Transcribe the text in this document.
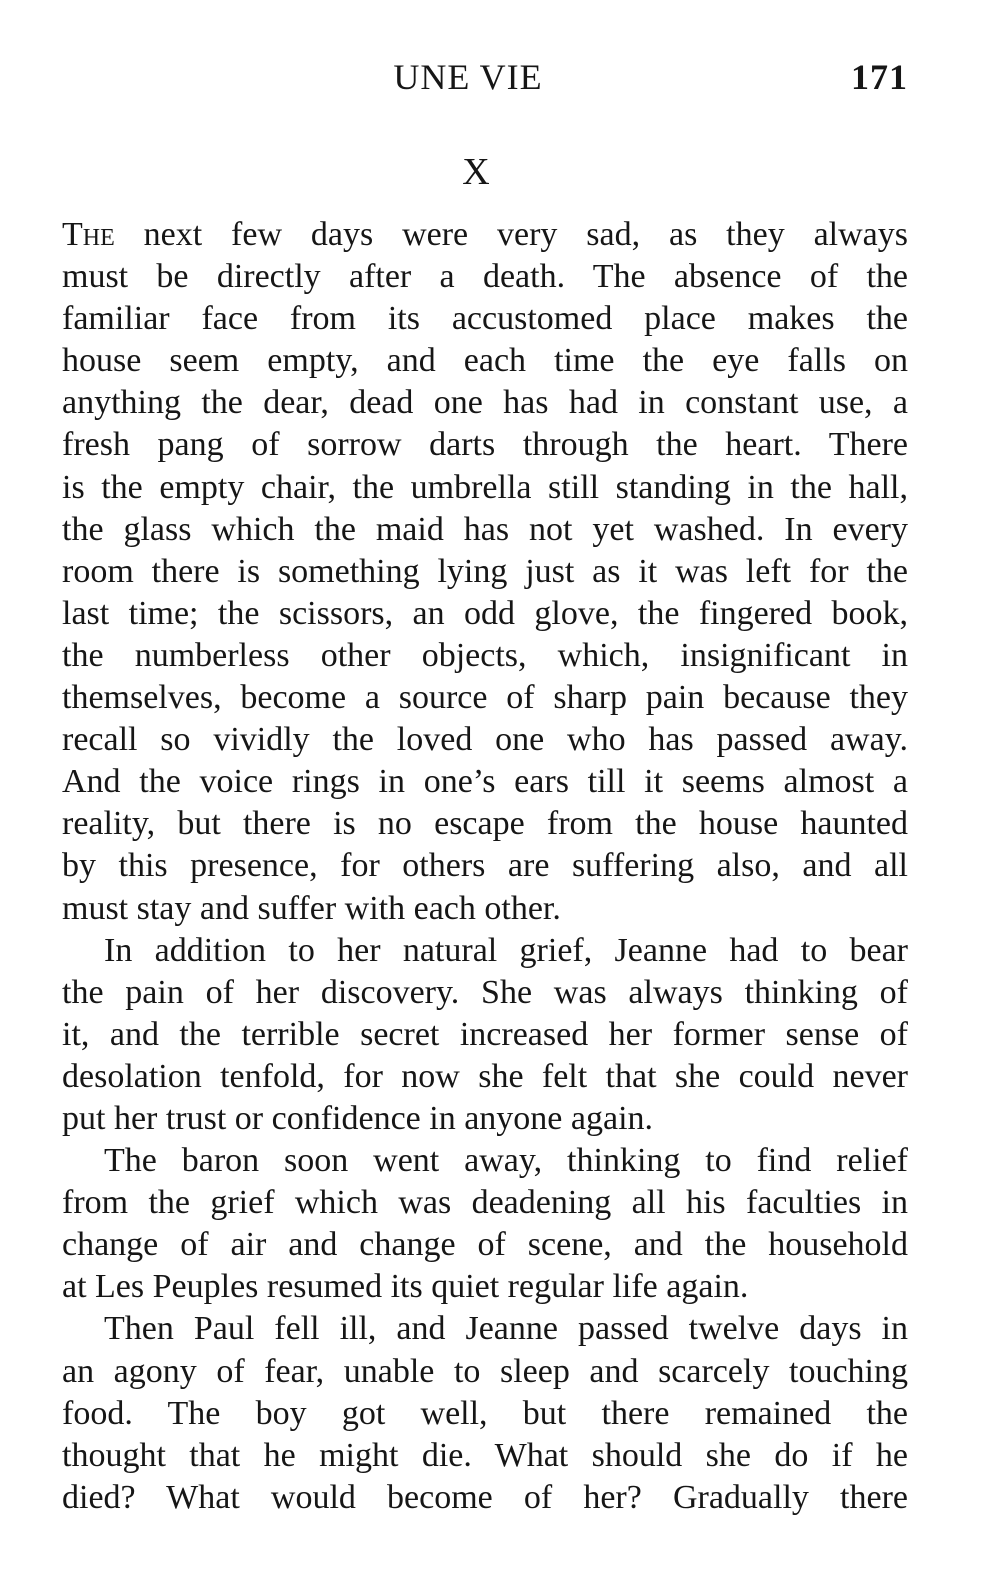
UNE VIE	171
X
The next few days were very sad, as they always
must be directly after a death. The absence of the
familiar face from its accustomed place makes the
house seem empty, and each time the eye falls on
anything the dear, dead one has had in constant use, a
fresh pang of sorrow darts through the heart. There
is the empty chair, the umbrella still standing in the hall,
the glass which the maid has not yet washed. In every
room there is something lying just as it was left for the
last time; the scissors, an odd glove, the fingered book,
the numberless other objects, which, insignificant in
themselves, become a source of sharp pain because they
recall so vividly the loved one who has passed away.
And the voice rings in one’s ears till it seems almost a
reality, but there is no escape from the house haunted
by this presence, for others are suffering also, and all
must stay and suffer with each other.
In addition to her natural grief, Jeanne had to bear
the pain of her discovery. She was always thinking of
it, and the terrible secret increased her former sense of
desolation tenfold, for now she felt that she could never
put her trust or confidence in anyone again.
The baron soon went away, thinking to find relief
from the grief which was deadening all his faculties in
change of air and change of scene, and the household
at Les Peuples resumed its quiet regular life again.
Then Paul fell ill, and Jeanne passed twelve days in
an agony of fear, unable to sleep and scarcely touching
food. The boy got well, but there remained the
thought that he might die. What should she do if he
died? What would become of her? Gradually there
